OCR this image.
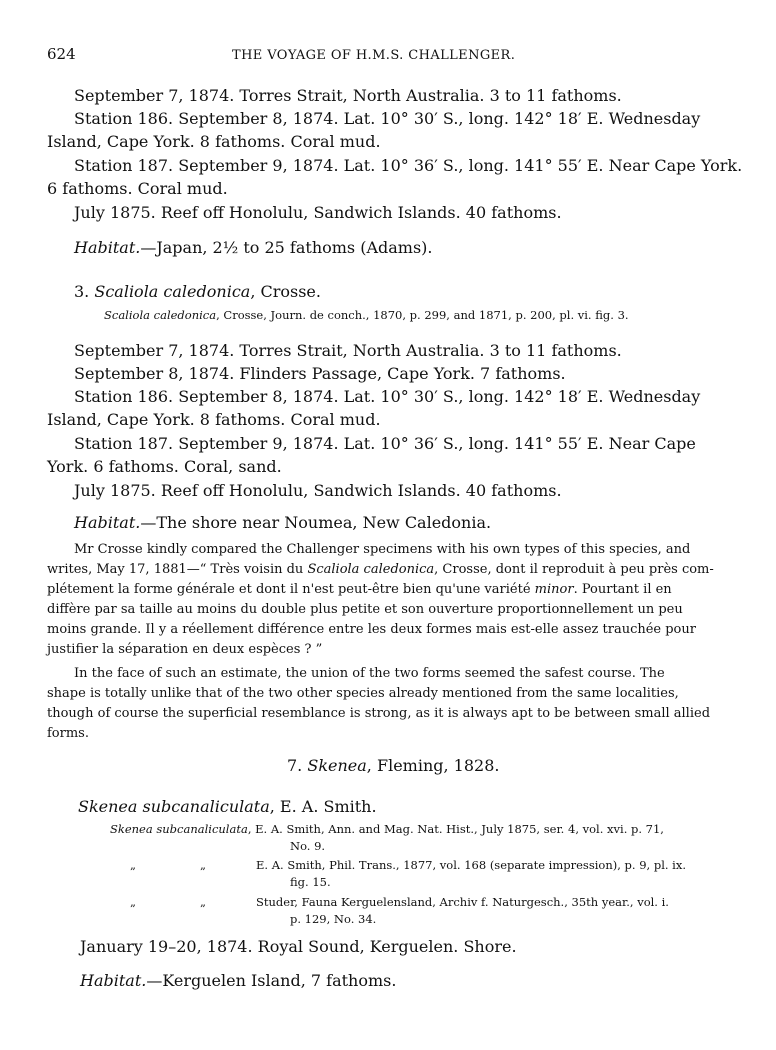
624	THE VOYAGE OF H.M.S. CHALLENGER.
September 7, 1874. Torres Strait, North Australia. 3 to 11 fathoms.
Station 186. September 8, 1874. Lat. 10° 30′ S., long. 142° 18′ E. Wednesday
Island, Cape York. 8 fathoms. Coral mud.
Station 187. September 9, 1874. Lat. 10° 36′ S., long. 141° 55′ E. Near Cape York.
6 fathoms. Coral mud.
July 1875. Reef off Honolulu, Sandwich Islands. 40 fathoms.
Habitat.—Japan, 2½ to 25 fathoms (Adams).
3. Scaliola caledonica, Crosse.
Scaliola caledonica, Crosse, Journ. de conch., 1870, p. 299, and 1871, p. 200, pl. vi. fig. 3.
September 7, 1874. Torres Strait, North Australia. 3 to 11 fathoms.
September 8, 1874. Flinders Passage, Cape York. 7 fathoms.
Station 186. September 8, 1874. Lat. 10° 30′ S., long. 142° 18′ E. Wednesday
Island, Cape York. 8 fathoms. Coral mud.
Station 187. September 9, 1874. Lat. 10° 36′ S., long. 141° 55′ E. Near Cape
York. 6 fathoms. Coral, sand.
July 1875. Reef off Honolulu, Sandwich Islands. 40 fathoms.
Habitat.—The shore near Noumea, New Caledonia.
Mr Crosse kindly compared the Challenger specimens with his own types of this species, and
writes, May 17, 1881—“ Très voisin du Scaliola caledonica, Crosse, dont il reproduit à peu près com-
plétement la forme générale et dont il n'est peut-être bien qu'une variété minor. Pourtant il en
diffère par sa taille au moins du double plus petite et son ouverture proportionnellement un peu
moins grande. Il y a réellement différence entre les deux formes mais est-elle assez trauchée pour
justifier la séparation en deux espèces ? ”
In the face of such an estimate, the union of the two forms seemed the safest course. The
shape is totally unlike that of the two other species already mentioned from the same localities,
though of course the superficial resemblance is strong, as it is always apt to be between small allied
forms.
7. Skenea, Fleming, 1828.
Skenea subcanaliculata, E. A. Smith.
Skenea subcanaliculata, E. A. Smith, Ann. and Mag. Nat. Hist., July 1875, ser. 4, vol. xvi. p. 71,
No. 9.
„	„	E. A. Smith, Phil. Trans., 1877, vol. 168 (separate impression), p. 9, pl. ix.
fig. 15.
„	„	Studer, Fauna Kerguelensland, Archiv f. Naturgesch., 35th year., vol. i.
p. 129, No. 34.
January 19–20, 1874. Royal Sound, Kerguelen. Shore.
Habitat.—Kerguelen Island, 7 fathoms.
